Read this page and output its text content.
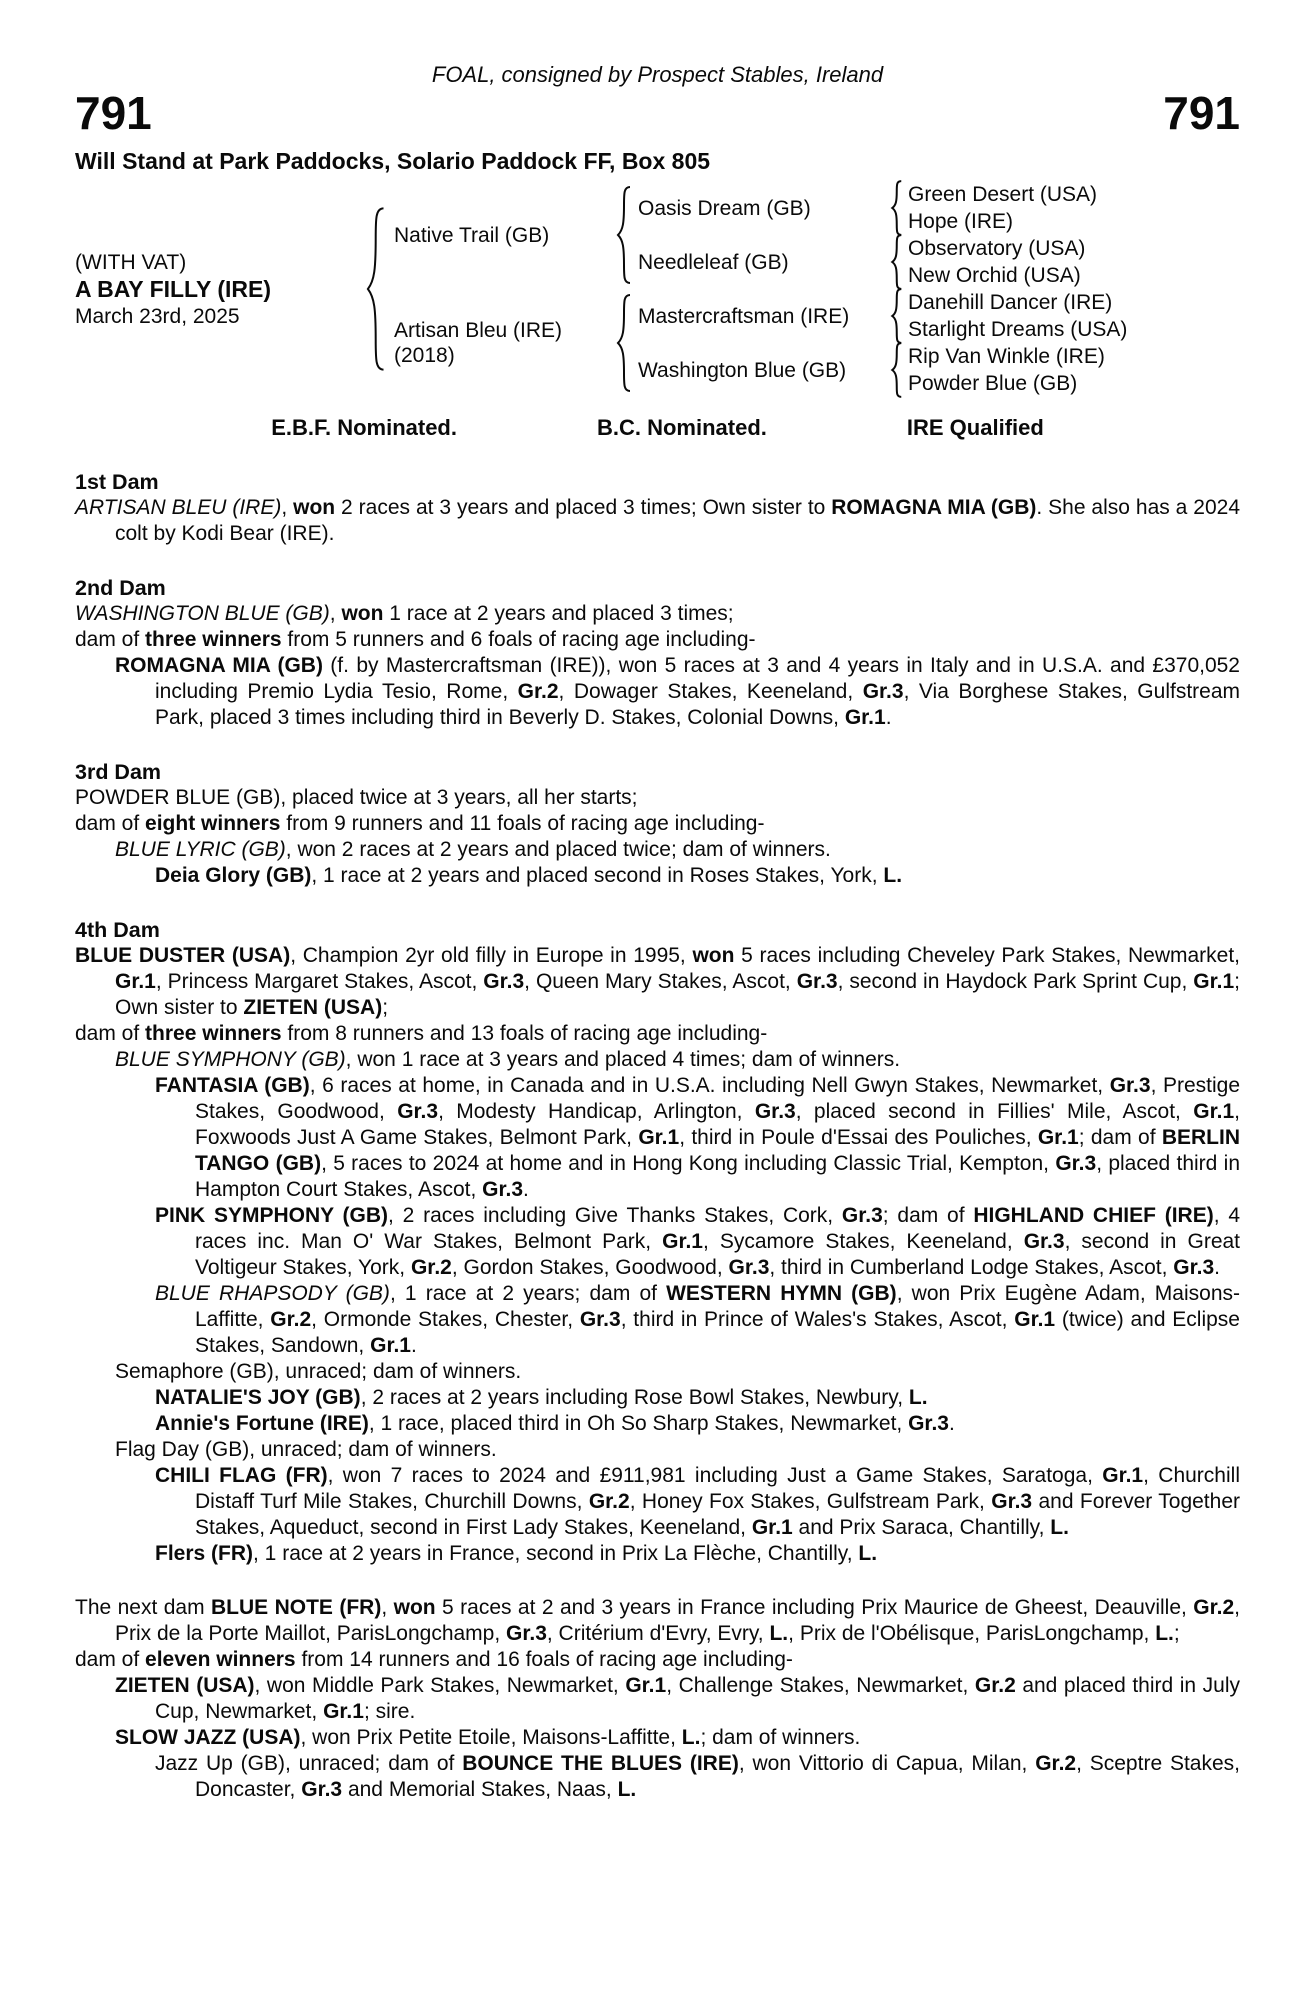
FOAL, consigned by Prospect Stables, Ireland
791	791
Will Stand at Park Paddocks, Solario Paddock FF, Box 805
(WITH VAT)
A BAY FILLY (IRE)
March 23rd, 2025
Native Trail (GB)
Artisan Bleu (IRE)
(2018)
Oasis Dream (GB)
Needleleaf (GB)
Mastercraftsman (IRE)
Washington Blue (GB)
Green Desert (USA)
Hope (IRE)
Observatory (USA)
New Orchid (USA)
Danehill Dancer (IRE)
Starlight Dreams (USA)
Rip Van Winkle (IRE)
Powder Blue (GB)
E.B.F. Nominated.	B.C. Nominated.	IRE Qualified

1st Dam

ARTISAN BLEU (IRE), won 2 races at 3 years and placed 3 times; Own sister to ROMAGNA MIA (GB). She also has a 2024 colt by Kodi Bear (IRE).

2nd Dam

WASHINGTON BLUE (GB), won 1 race at 2 years and placed 3 times;

dam of three winners from 5 runners and 6 foals of racing age including-

ROMAGNA MIA (GB) (f. by Mastercraftsman (IRE)), won 5 races at 3 and 4 years in Italy and in U.S.A. and £370,052 including Premio Lydia Tesio, Rome, Gr.2, Dowager Stakes, Keeneland, Gr.3, Via Borghese Stakes, Gulfstream Park, placed 3 times including third in Beverly D. Stakes, Colonial Downs, Gr.1.

3rd Dam

POWDER BLUE (GB), placed twice at 3 years, all her starts;

dam of eight winners from 9 runners and 11 foals of racing age including-

BLUE LYRIC (GB), won 2 races at 2 years and placed twice; dam of winners.

Deia Glory (GB), 1 race at 2 years and placed second in Roses Stakes, York, L.

4th Dam

BLUE DUSTER (USA), Champion 2yr old filly in Europe in 1995, won 5 races including Cheveley Park Stakes, Newmarket, Gr.1, Princess Margaret Stakes, Ascot, Gr.3, Queen Mary Stakes, Ascot, Gr.3, second in Haydock Park Sprint Cup, Gr.1; Own sister to ZIETEN (USA);

dam of three winners from 8 runners and 13 foals of racing age including-

BLUE SYMPHONY (GB), won 1 race at 3 years and placed 4 times; dam of winners.

FANTASIA (GB), 6 races at home, in Canada and in U.S.A. including Nell Gwyn Stakes, Newmarket, Gr.3, Prestige Stakes, Goodwood, Gr.3, Modesty Handicap, Arlington, Gr.3, placed second in Fillies' Mile, Ascot, Gr.1, Foxwoods Just A Game Stakes, Belmont Park, Gr.1, third in Poule d'Essai des Pouliches, Gr.1; dam of BERLIN TANGO (GB), 5 races to 2024 at home and in Hong Kong including Classic Trial, Kempton, Gr.3, placed third in Hampton Court Stakes, Ascot, Gr.3.

PINK SYMPHONY (GB), 2 races including Give Thanks Stakes, Cork, Gr.3; dam of HIGHLAND CHIEF (IRE), 4 races inc. Man O' War Stakes, Belmont Park, Gr.1, Sycamore Stakes, Keeneland, Gr.3, second in Great Voltigeur Stakes, York, Gr.2, Gordon Stakes, Goodwood, Gr.3, third in Cumberland Lodge Stakes, Ascot, Gr.3.

BLUE RHAPSODY (GB), 1 race at 2 years; dam of WESTERN HYMN (GB), won Prix Eugène Adam, Maisons-Laffitte, Gr.2, Ormonde Stakes, Chester, Gr.3, third in Prince of Wales's Stakes, Ascot, Gr.1 (twice) and Eclipse Stakes, Sandown, Gr.1.

Semaphore (GB), unraced; dam of winners.

NATALIE'S JOY (GB), 2 races at 2 years including Rose Bowl Stakes, Newbury, L.

Annie's Fortune (IRE), 1 race, placed third in Oh So Sharp Stakes, Newmarket, Gr.3.

Flag Day (GB), unraced; dam of winners.

CHILI FLAG (FR), won 7 races to 2024 and £911,981 including Just a Game Stakes, Saratoga, Gr.1, Churchill Distaff Turf Mile Stakes, Churchill Downs, Gr.2, Honey Fox Stakes, Gulfstream Park, Gr.3 and Forever Together Stakes, Aqueduct, second in First Lady Stakes, Keeneland, Gr.1 and Prix Saraca, Chantilly, L.

Flers (FR), 1 race at 2 years in France, second in Prix La Flèche, Chantilly, L.

The next dam BLUE NOTE (FR), won 5 races at 2 and 3 years in France including Prix Maurice de Gheest, Deauville, Gr.2, Prix de la Porte Maillot, ParisLongchamp, Gr.3, Critérium d'Evry, Evry, L., Prix de l'Obélisque, ParisLongchamp, L.;

dam of eleven winners from 14 runners and 16 foals of racing age including-

ZIETEN (USA), won Middle Park Stakes, Newmarket, Gr.1, Challenge Stakes, Newmarket, Gr.2 and placed third in July Cup, Newmarket, Gr.1; sire.

SLOW JAZZ (USA), won Prix Petite Etoile, Maisons-Laffitte, L.; dam of winners.

Jazz Up (GB), unraced; dam of BOUNCE THE BLUES (IRE), won Vittorio di Capua, Milan, Gr.2, Sceptre Stakes, Doncaster, Gr.3 and Memorial Stakes, Naas, L.
